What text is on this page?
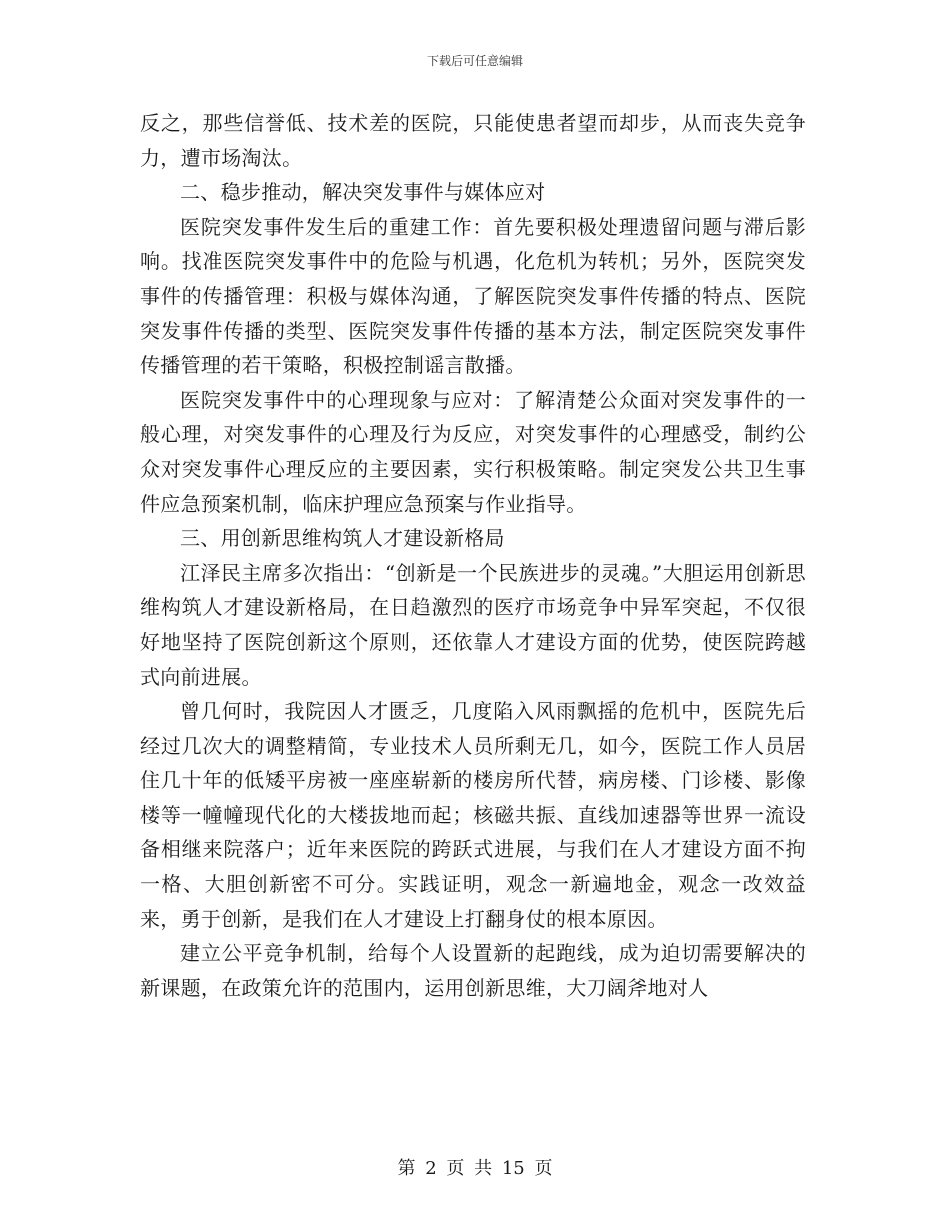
下载后可任意编辑

反之，那些信誉低、技术差的医院，只能使患者望而却步，从而丧失竞争力，遭市场淘汰。

二、稳步推动，解决突发事件与媒体应对

医院突发事件发生后的重建工作：首先要积极处理遗留问题与滞后影响。找准医院突发事件中的危险与机遇，化危机为转机；另外，医院突发事件的传播管理：积极与媒体沟通，了解医院突发事件传播的特点、医院突发事件传播的类型、医院突发事件传播的基本方法，制定医院突发事件传播管理的若干策略，积极控制谣言散播。

医院突发事件中的心理现象与应对：了解清楚公众面对突发事件的一般心理，对突发事件的心理及行为反应，对突发事件的心理感受，制约公众对突发事件心理反应的主要因素，实行积极策略。制定突发公共卫生事件应急预案机制，临床护理应急预案与作业指导。

三、用创新思维构筑人才建设新格局

江泽民主席多次指出：“创新是一个民族进步的灵魂。”大胆运用创新思维构筑人才建设新格局，在日趋激烈的医疗市场竞争中异军突起，不仅很好地坚持了医院创新这个原则，还依靠人才建设方面的优势，使医院跨越式向前进展。

曾几何时，我院因人才匮乏，几度陷入风雨飘摇的危机中，医院先后经过几次大的调整精简，专业技术人员所剩无几，如今，医院工作人员居住几十年的低矮平房被一座座崭新的楼房所代替，病房楼、门诊楼、影像楼等一幢幢现代化的大楼拔地而起；核磁共振、直线加速器等世界一流设备相继来院落户；近年来医院的跨跃式进展，与我们在人才建设方面不拘一格、大胆创新密不可分。实践证明，观念一新遍地金，观念一改效益来，勇于创新，是我们在人才建设上打翻身仗的根本原因。

建立公平竞争机制，给每个人设置新的起跑线，成为迫切需要解决的新课题，在政策允许的范围内，运用创新思维，大刀阔斧地对人

第 2 页 共 15 页
